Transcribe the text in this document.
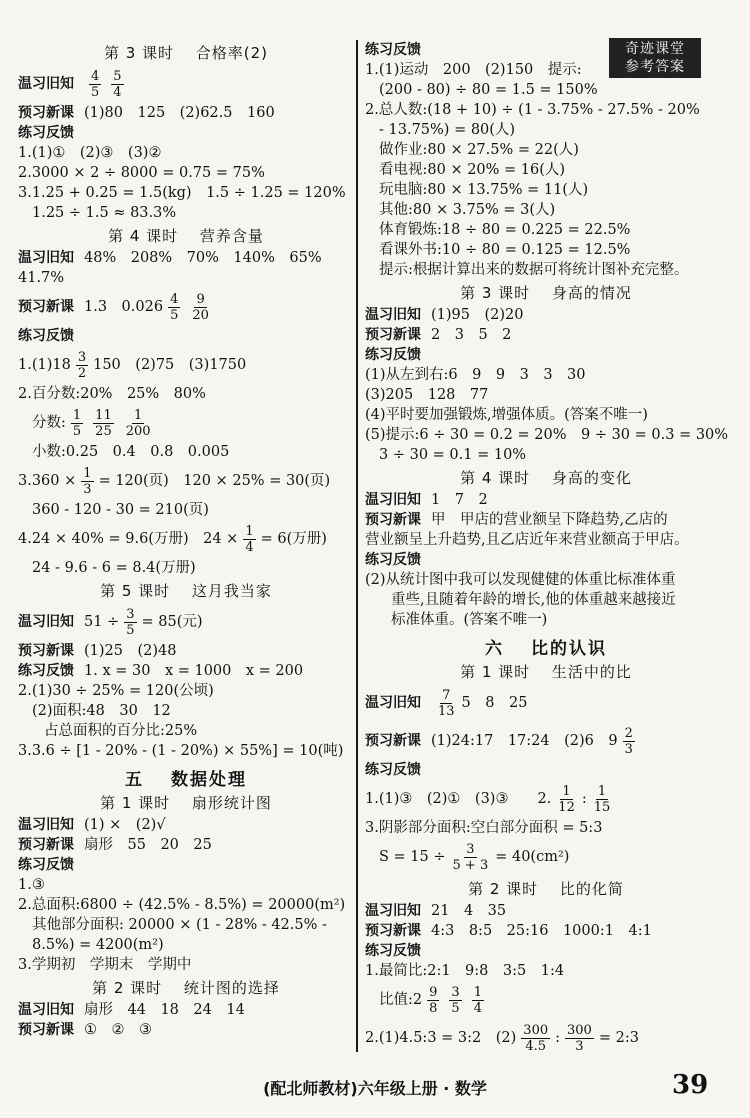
奇迹课堂
参考答案
第 3 课时　 合格率(2)
温习旧知 $\frac{4}{5} \frac{5}{4}$
预习新课 (1)80　125　(2)62.5　160
练习反馈
1.(1)①　(2)③　(3)②
2.3000 × 2 ÷ 8000 = 0.75 = 75%
3.1.25 + 0.25 = 1.5(kg)　1.5 ÷ 1.25 = 120%
1.25 ÷ 1.5 ≈ 83.3%
第 4 课时　 营养含量
温习旧知 48%　208%　70%　140%　65%
41.7%
预习新课 1.3　$0.026 \frac{4}{5} \frac{9}{20}$
练习反馈
$1.(1)18 \frac{3}{2} 150$　(2)75　(3)1750
2.百分数:20%　25%　80%
分数: $\frac{1}{5} \frac{11}{25} \frac{1}{200}$
小数:0.25　0.4　0.8　0.005
$3.360 \times \frac{1}{3} = 120$(页)　120 × 25% = 30(页)
360 - 120 - 30 = 210(页)
4.24 × 40% = 9.6(万册)　$24 \times \frac{1}{4} = 6$(万册)
24 - 9.6 - 6 = 8.4(万册)
第 5 课时　 这月我当家
温习旧知 $51 \div \frac{3}{5} = 85$(元)
预习新课 (1)25　(2)48
练习反馈 1. x = 30　x = 1000　x = 200
2.(1)30 ÷ 25% = 120(公顷)
(2)面积:48　30　12
占总面积的百分比:25%
3.3.6 ÷ [1 - 20% - (1 - 20%) × 55%] = 10(吨)
五　 数据处理
第 1 课时　 扇形统计图
温习旧知 (1) ×　(2)√
预习新课 扇形　55　20　25
练习反馈
1.③
2.总面积:6800 ÷ (42.5% - 8.5%) = 20000(m²)
其他部分面积: 20000 × (1 - 28% - 42.5% -
8.5%) = 4200(m²)
3.学期初　学期末　学期中
第 2 课时　 统计图的选择
温习旧知 扇形　44　18　24　14
预习新课 ①　②　③
练习反馈
1.(1)运动　200　(2)150　提示:
(200 - 80) ÷ 80 = 1.5 = 150%
2.总人数:(18 + 10) ÷ (1 - 3.75% - 27.5% - 20%
- 13.75%) = 80(人)
做作业:80 × 27.5% = 22(人)
看电视:80 × 20% = 16(人)
玩电脑:80 × 13.75% = 11(人)
其他:80 × 3.75% = 3(人)
体育锻炼:18 ÷ 80 = 0.225 = 22.5%
看课外书:10 ÷ 80 = 0.125 = 12.5%
提示:根据计算出来的数据可将统计图补充完整。
第 3 课时　 身高的情况
温习旧知 (1)95　(2)20
预习新课 2　3　5　2
练习反馈
(1)从左到右:6　9　9　3　3　30
(3)205　128　77
(4)平时要加强锻炼,增强体质。(答案不唯一)
(5)提示:6 ÷ 30 = 0.2 = 20%　9 ÷ 30 = 0.3 = 30%
3 ÷ 30 = 0.1 = 10%
第 4 课时　 身高的变化
温习旧知 1　7　2
预习新课 甲　甲店的营业额呈下降趋势,乙店的
营业额呈上升趋势,且乙店近年来营业额高于甲店。
练习反馈
(2)从统计图中我可以发现健健的体重比标准体重
重些,且随着年龄的增长,他的体重越来越接近
标准体重。(答案不唯一)
六　 比的认识
第 1 课时　 生活中的比
温习旧知 $\frac{7}{13} 5$　8　25
预习新课 (1)24:17　17:24　(2)6　$9 \frac{2}{3}$
练习反馈
1.(1)③　(2)①　(3)③　　2. $\frac{1}{12}$ : $\frac{1}{15}$
3.阴影部分面积:空白部分面积 = 5:3
$S = 15 \div \frac{3}{5 + 3} = 40(cm^2)$
第 2 课时　 比的化简
温习旧知 21　4　35
预习新课 4:3　8:5　25:16　1000:1　4:1
练习反馈
1.最简比:2:1　9:8　3:5　1:4
比值:2 $\frac{9}{8} \frac{3}{5} \frac{1}{4}$
2.(1)4.5:3 = 3:2　$(2) \frac{300}{4.5}$ : $\frac{300}{3}$ = 2:3
(配北师教材)六年级上册 · 数学	39
